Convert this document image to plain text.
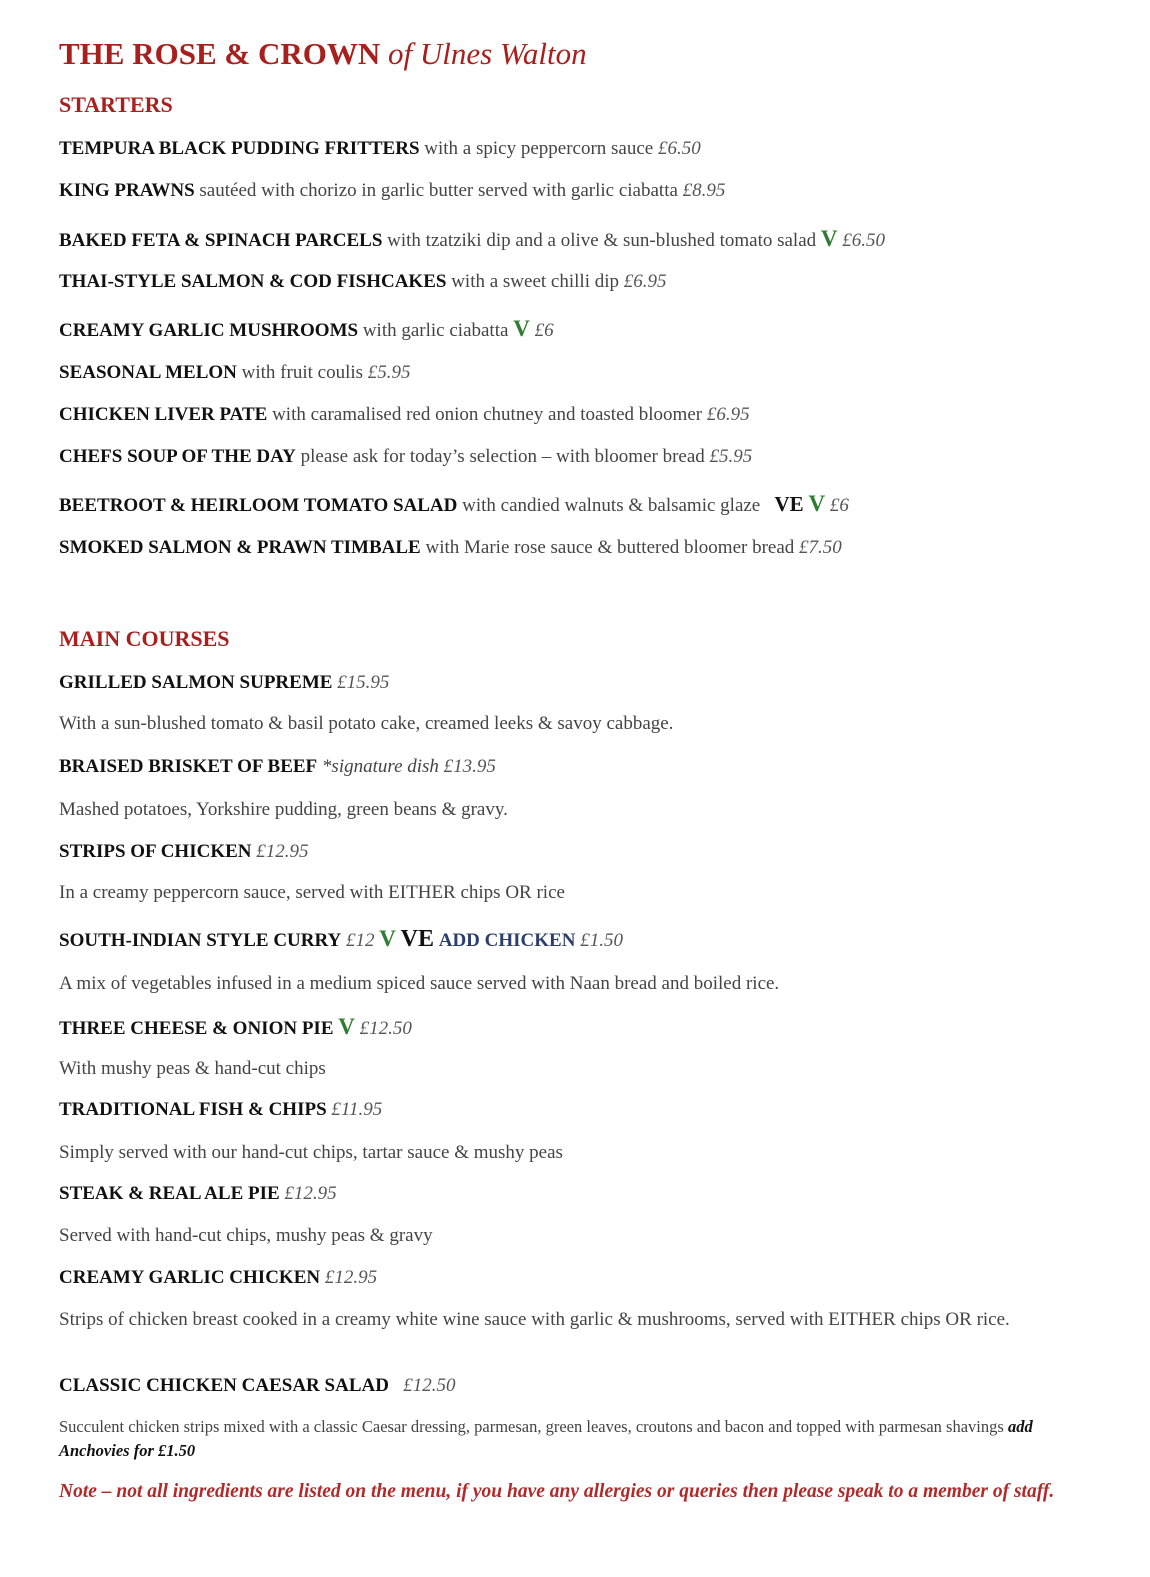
THE ROSE & CROWN of Ulnes Walton
STARTERS
TEMPURA BLACK PUDDING FRITTERS with a spicy peppercorn sauce £6.50
KING PRAWNS sautéed with chorizo in garlic butter served with garlic ciabatta £8.95
BAKED FETA & SPINACH PARCELS with tzatziki dip and a olive & sun-blushed tomato salad V £6.50
THAI-STYLE SALMON & COD FISHCAKES with a sweet chilli dip £6.95
CREAMY GARLIC MUSHROOMS with garlic ciabatta V £6
SEASONAL MELON with fruit coulis £5.95
CHICKEN LIVER PATE with caramalised red onion chutney and toasted bloomer £6.95
CHEFS SOUP OF THE DAY please ask for today’s selection – with bloomer bread £5.95
BEETROOT & HEIRLOOM TOMATO SALAD with candied walnuts & balsamic glaze VE V £6
SMOKED SALMON & PRAWN TIMBALE with Marie rose sauce & buttered bloomer bread £7.50
MAIN COURSES
GRILLED SALMON SUPREME £15.95
With a sun-blushed tomato & basil potato cake, creamed leeks & savoy cabbage.
BRAISED BRISKET OF BEEF *signature dish £13.95
Mashed potatoes, Yorkshire pudding, green beans & gravy.
STRIPS OF CHICKEN £12.95
In a creamy peppercorn sauce, served with EITHER chips OR rice
SOUTH-INDIAN STYLE CURRY £12 V VE ADD CHICKEN £1.50
A mix of vegetables infused in a medium spiced sauce served with Naan bread and boiled rice.
THREE CHEESE & ONION PIE V £12.50
With mushy peas & hand-cut chips
TRADITIONAL FISH & CHIPS £11.95
Simply served with our hand-cut chips, tartar sauce & mushy peas
STEAK & REAL ALE PIE £12.95
Served with hand-cut chips, mushy peas & gravy
CREAMY GARLIC CHICKEN £12.95
Strips of chicken breast cooked in a creamy white wine sauce with garlic & mushrooms, served with EITHER chips OR rice.
CLASSIC CHICKEN CAESAR SALAD £12.50
Succulent chicken strips mixed with a classic Caesar dressing, parmesan, green leaves, croutons and bacon and topped with parmesan shavings add Anchovies for £1.50
Note – not all ingredients are listed on the menu, if you have any allergies or queries then please speak to a member of staff.
